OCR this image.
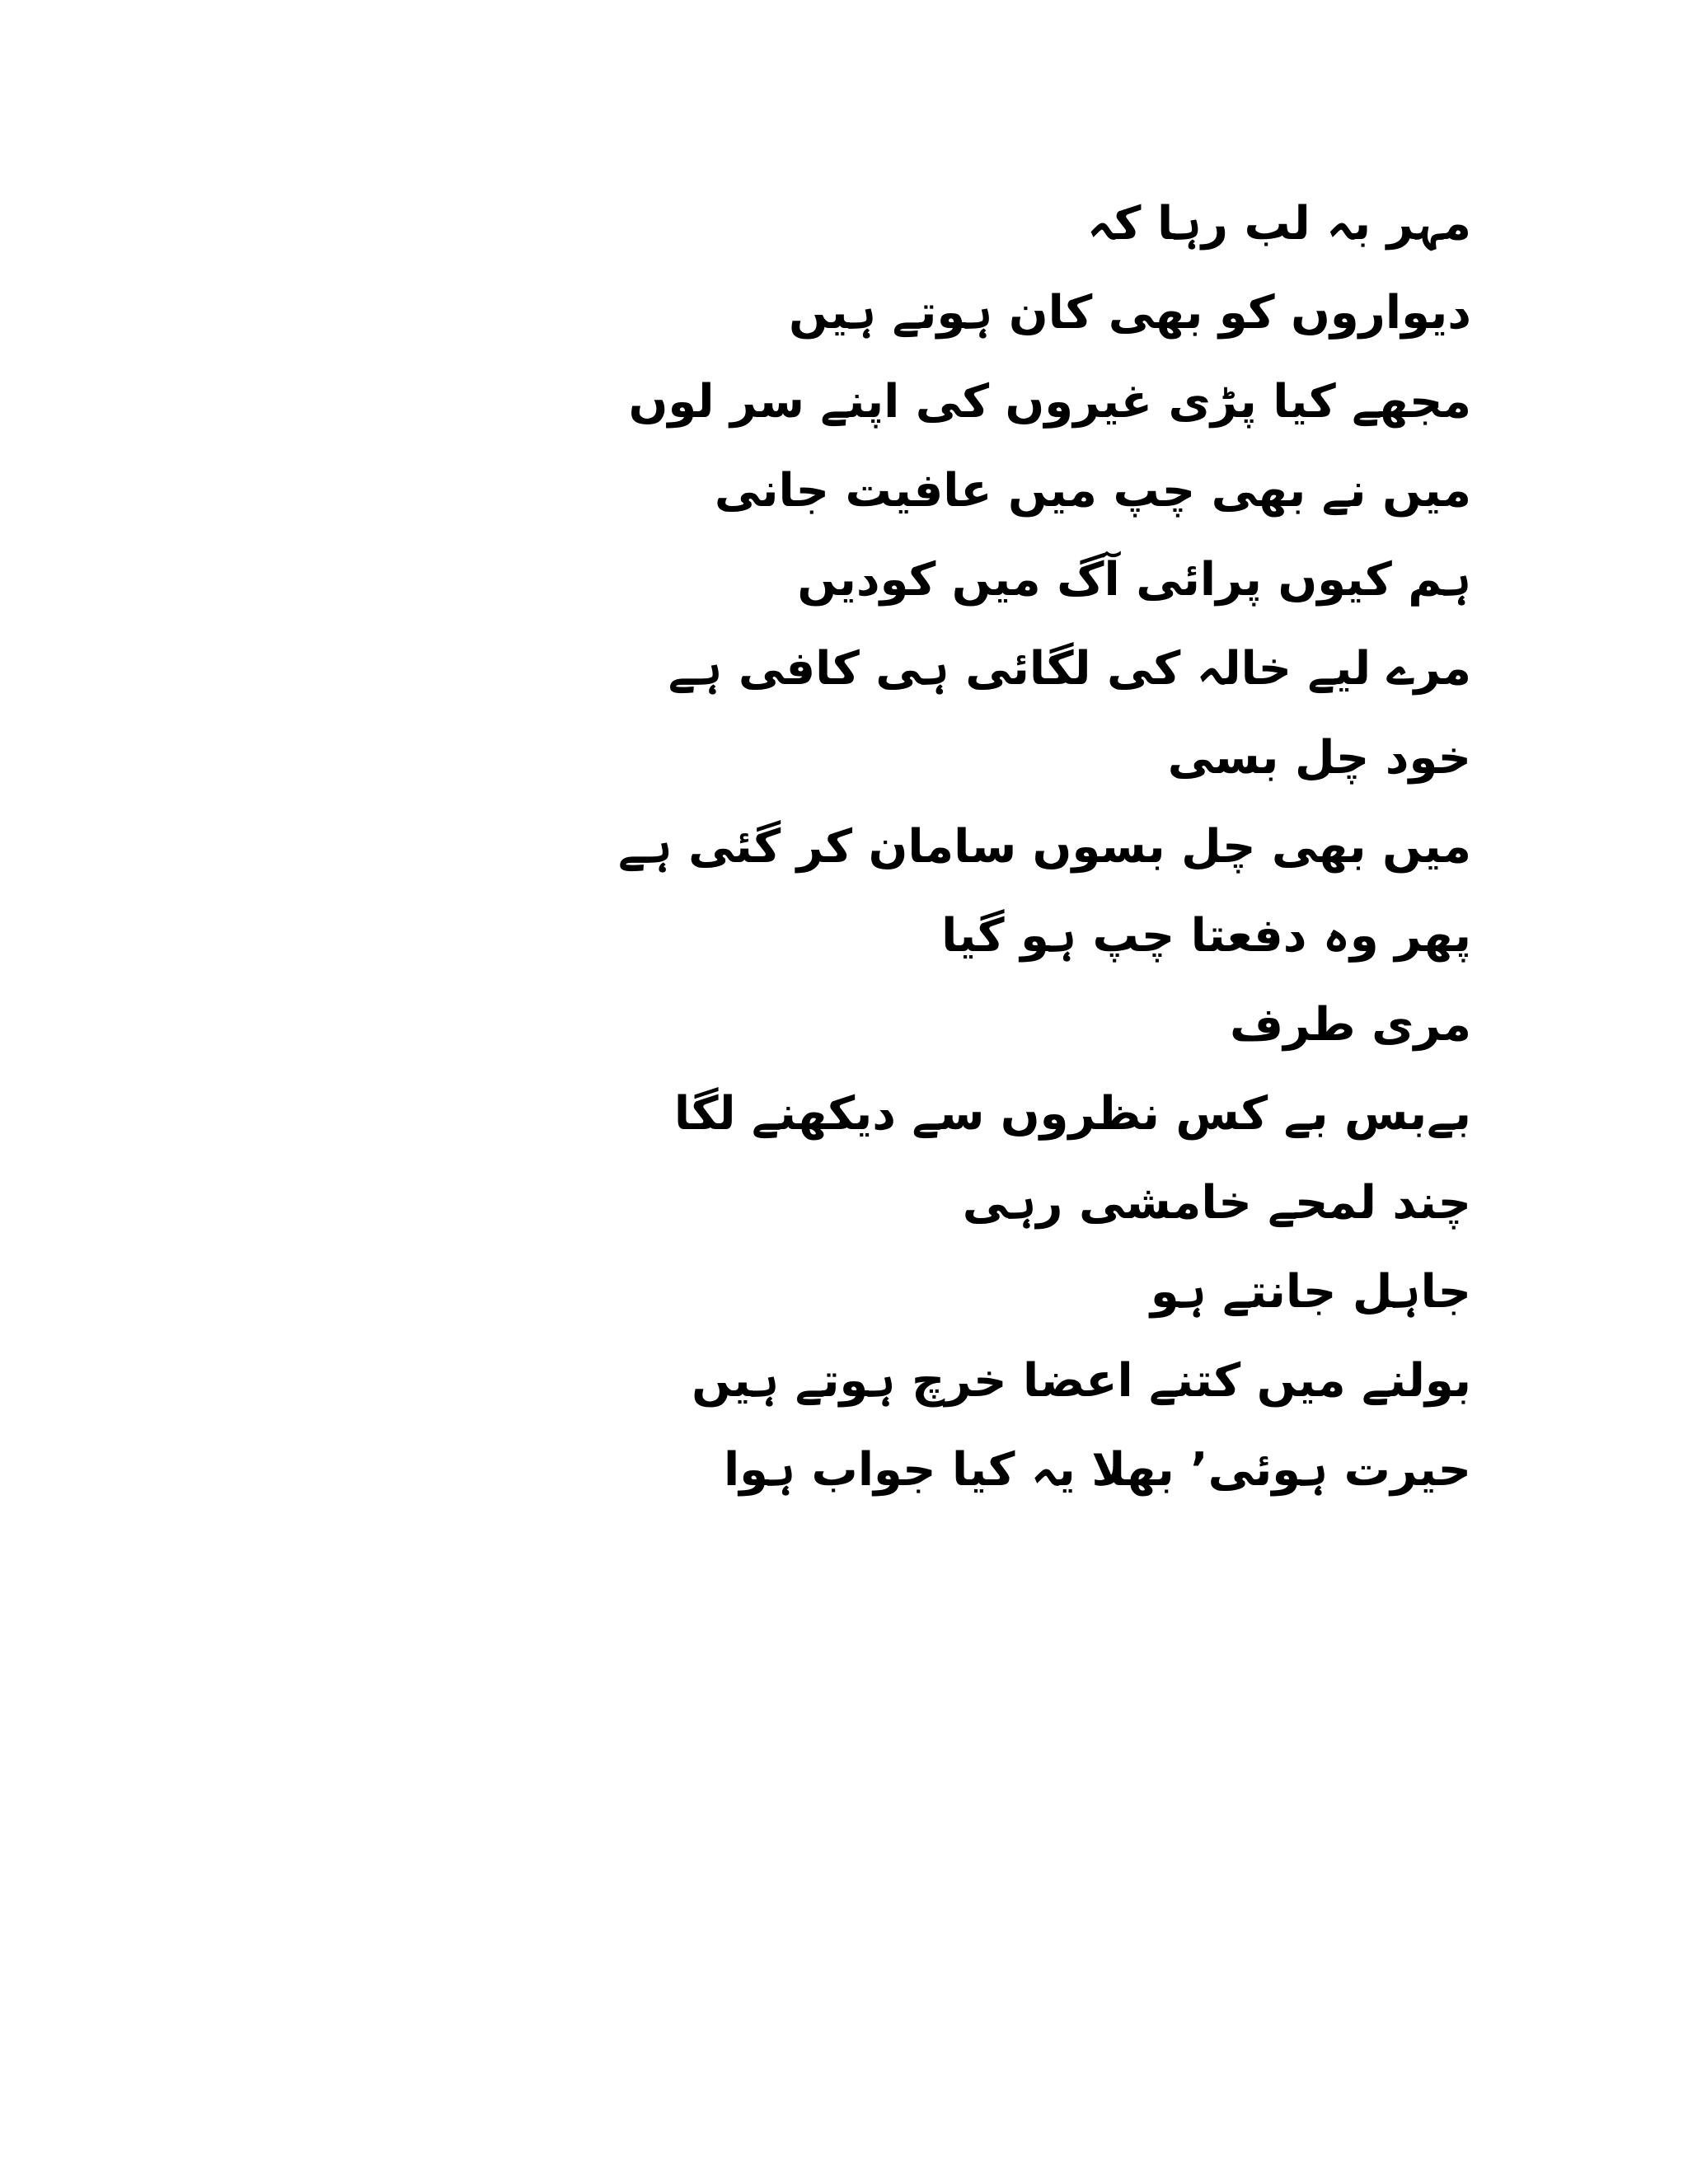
مہر بہ لب رہا کہ
دیواروں کو بھی کان ہوتے ہیں
مجھے کیا پڑی غیروں کی اپنے سر لوں
میں نے بھی چپ میں عافیت جانی
ہم کیوں پرائی آگ میں کودیں
مرے لیے خالہ کی لگائی ہی کافی ہے
خود چل بسی
میں بھی چل بسوں سامان کر گئی ہے
پھر وہ دفعتا چپ ہو گیا
مری طرف
بےبس بے کس نظروں سے دیکھنے لگا
چند لمحے خامشی رہی
جاہل جانتے ہو
بولنے میں کتنے اعضا خرچ ہوتے ہیں
حیرت ہوئی٬ بھلا یہ کیا جواب ہوا
